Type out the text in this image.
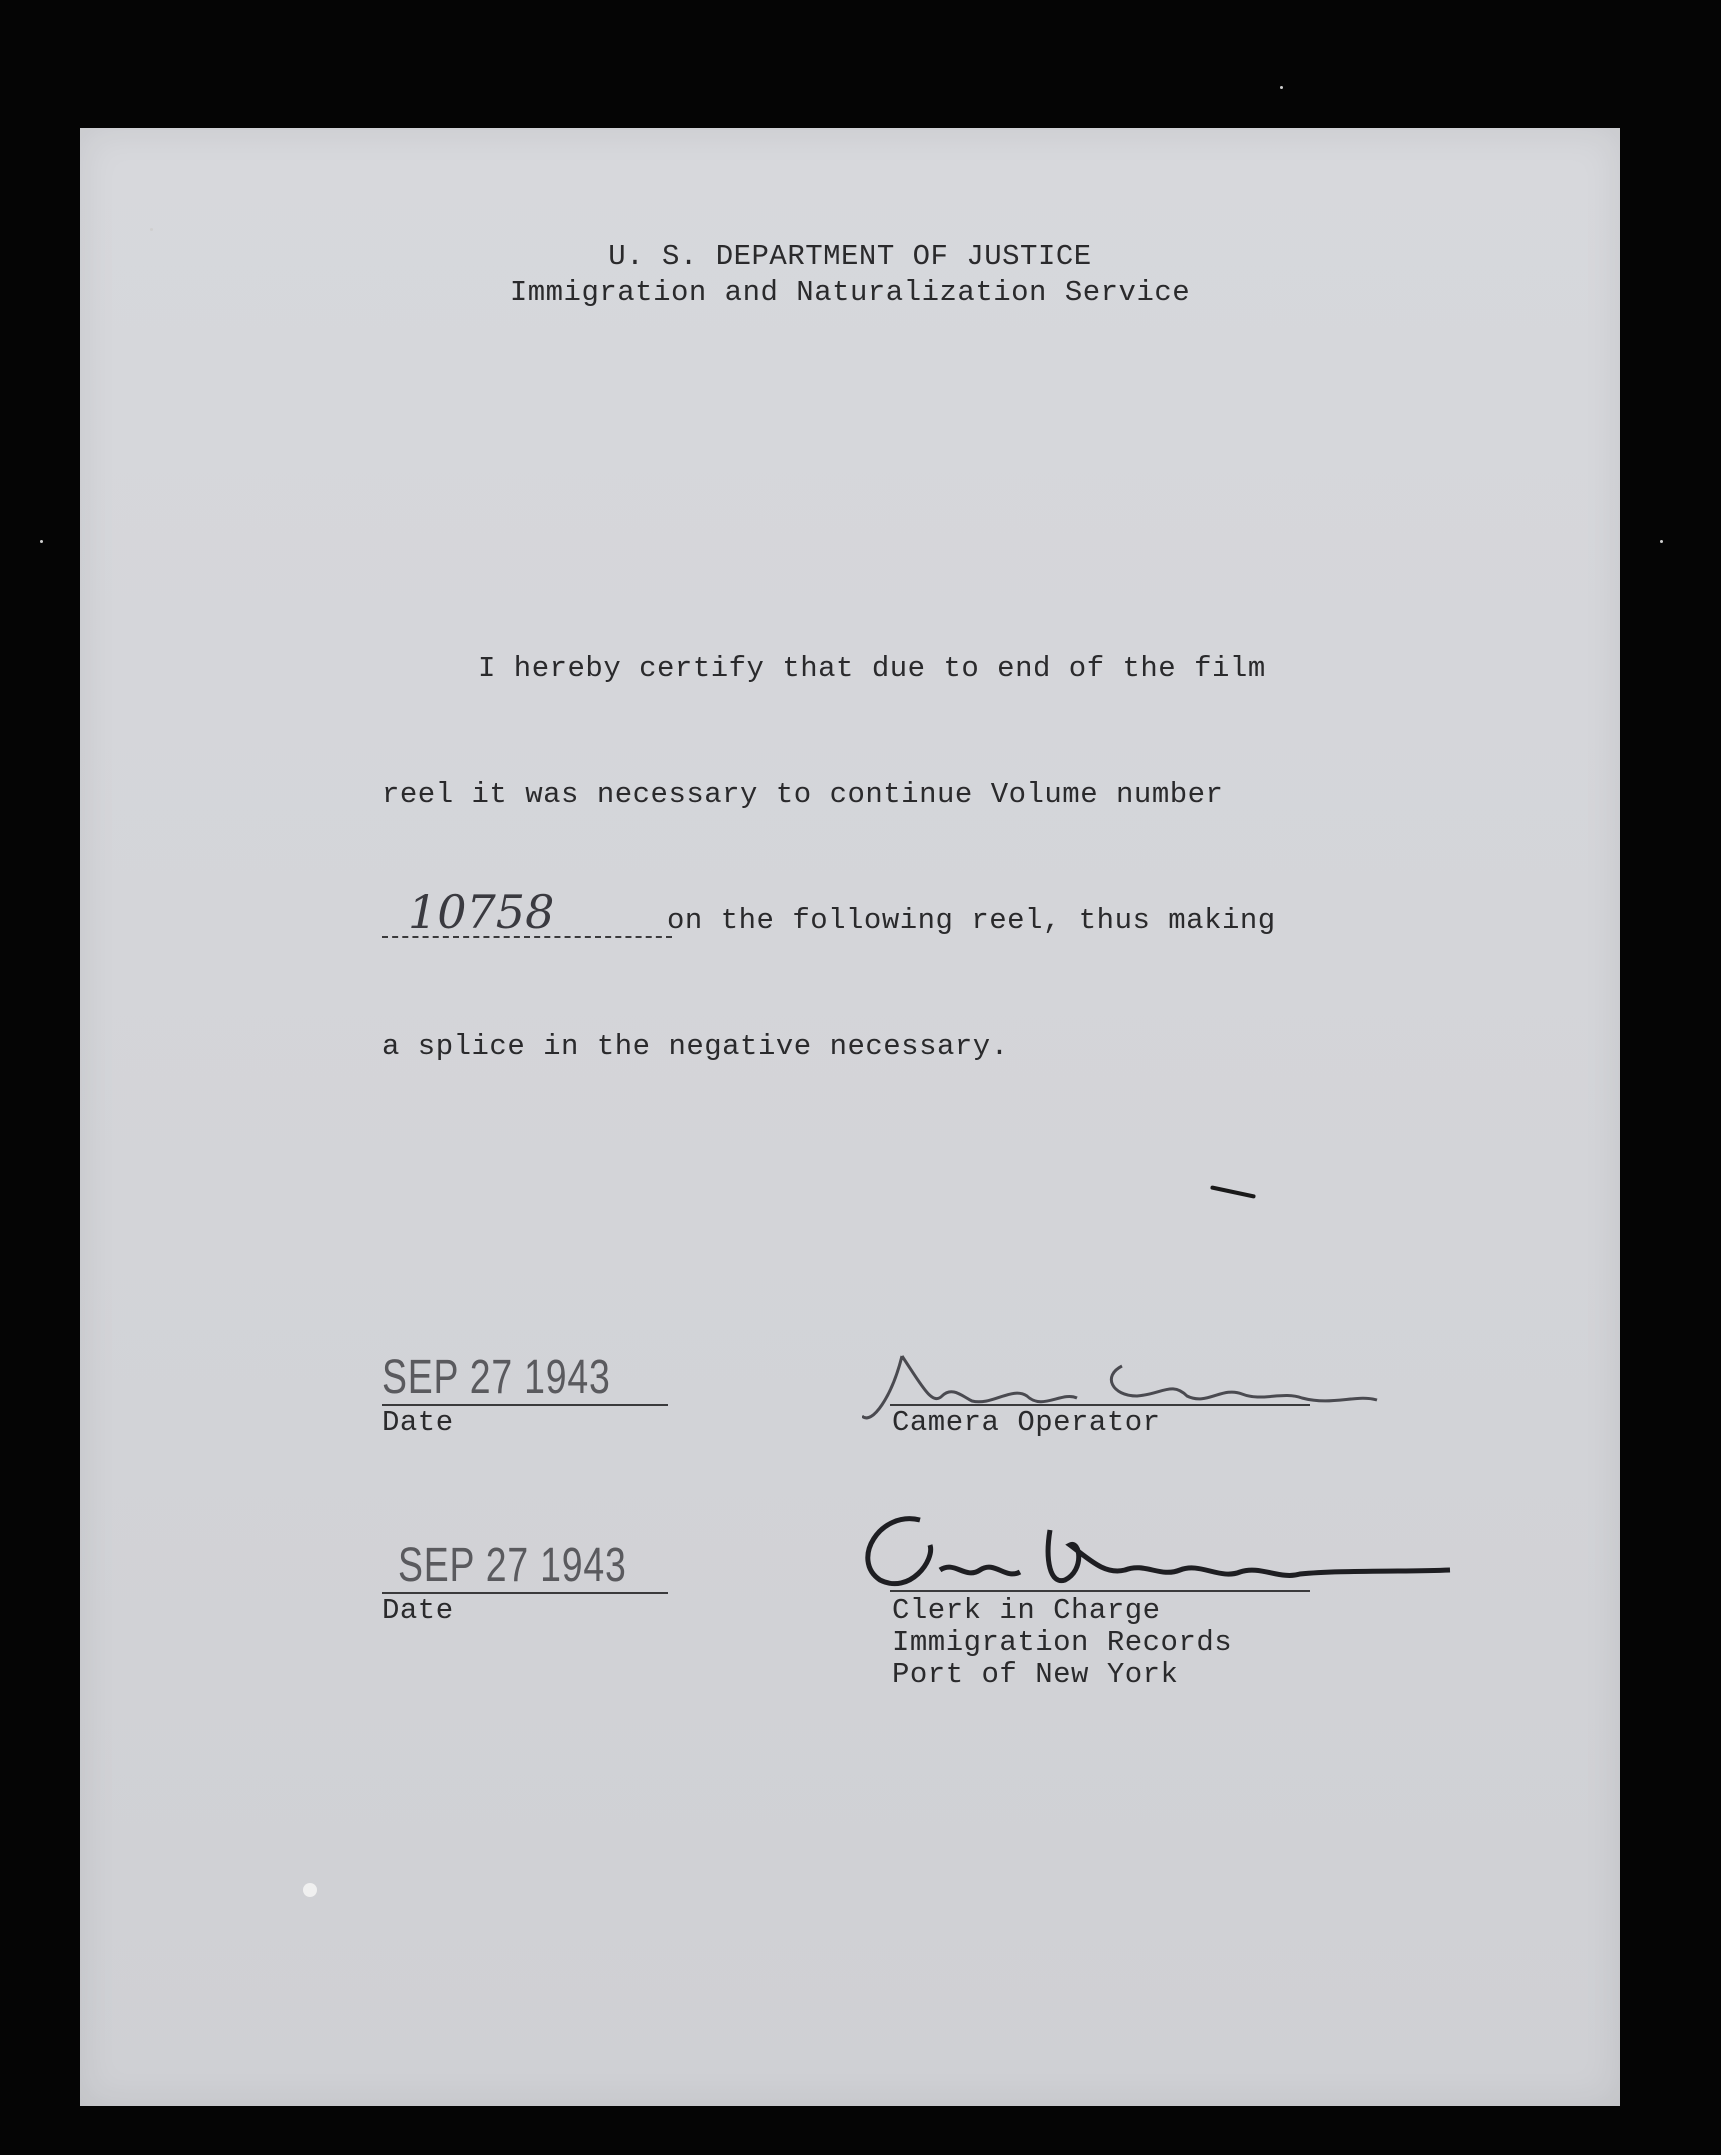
U. S. DEPARTMENT OF JUSTICE
Immigration and Naturalization Service
I hereby certify that due to end of the film
reel it was necessary to continue Volume number
10758	on the following reel, thus making
a splice in the negative necessary.
SEP 27 1943
Date	Camera Operator
SEP 27 1943
Date	Clerk in Charge
Immigration Records
Port of New York
